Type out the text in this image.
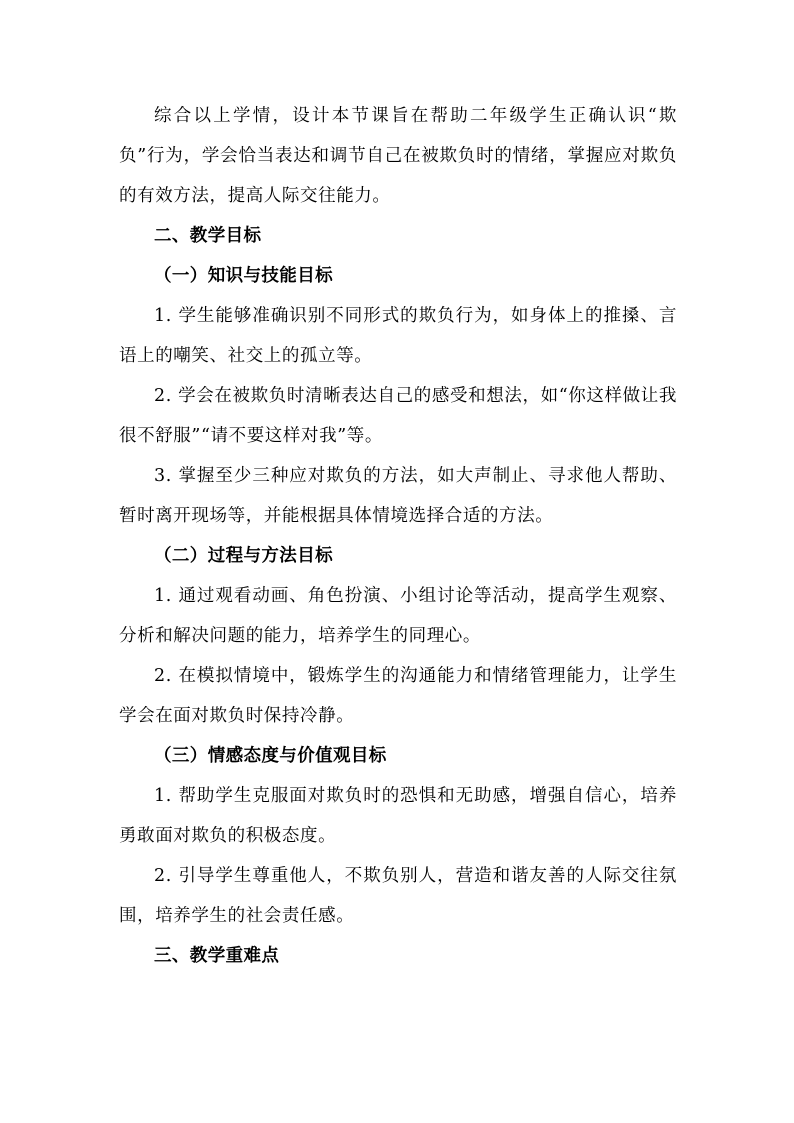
综合以上学情，设计本节课旨在帮助二年级学生正确认识“欺负”行为，学会恰当表达和调节自己在被欺负时的情绪，掌握应对欺负的有效方法，提高人际交往能力。

二、教学目标

（一）知识与技能目标

1. 学生能够准确识别不同形式的欺负行为，如身体上的推搡、言语上的嘲笑、社交上的孤立等。

2. 学会在被欺负时清晰表达自己的感受和想法，如“你这样做让我很不舒服”“请不要这样对我”等。

3. 掌握至少三种应对欺负的方法，如大声制止、寻求他人帮助、暂时离开现场等，并能根据具体情境选择合适的方法。

（二）过程与方法目标

1. 通过观看动画、角色扮演、小组讨论等活动，提高学生观察、分析和解决问题的能力，培养学生的同理心。

2. 在模拟情境中，锻炼学生的沟通能力和情绪管理能力，让学生学会在面对欺负时保持冷静。

（三）情感态度与价值观目标

1. 帮助学生克服面对欺负时的恐惧和无助感，增强自信心，培养勇敢面对欺负的积极态度。

2. 引导学生尊重他人，不欺负别人，营造和谐友善的人际交往氛围，培养学生的社会责任感。

三、教学重难点
